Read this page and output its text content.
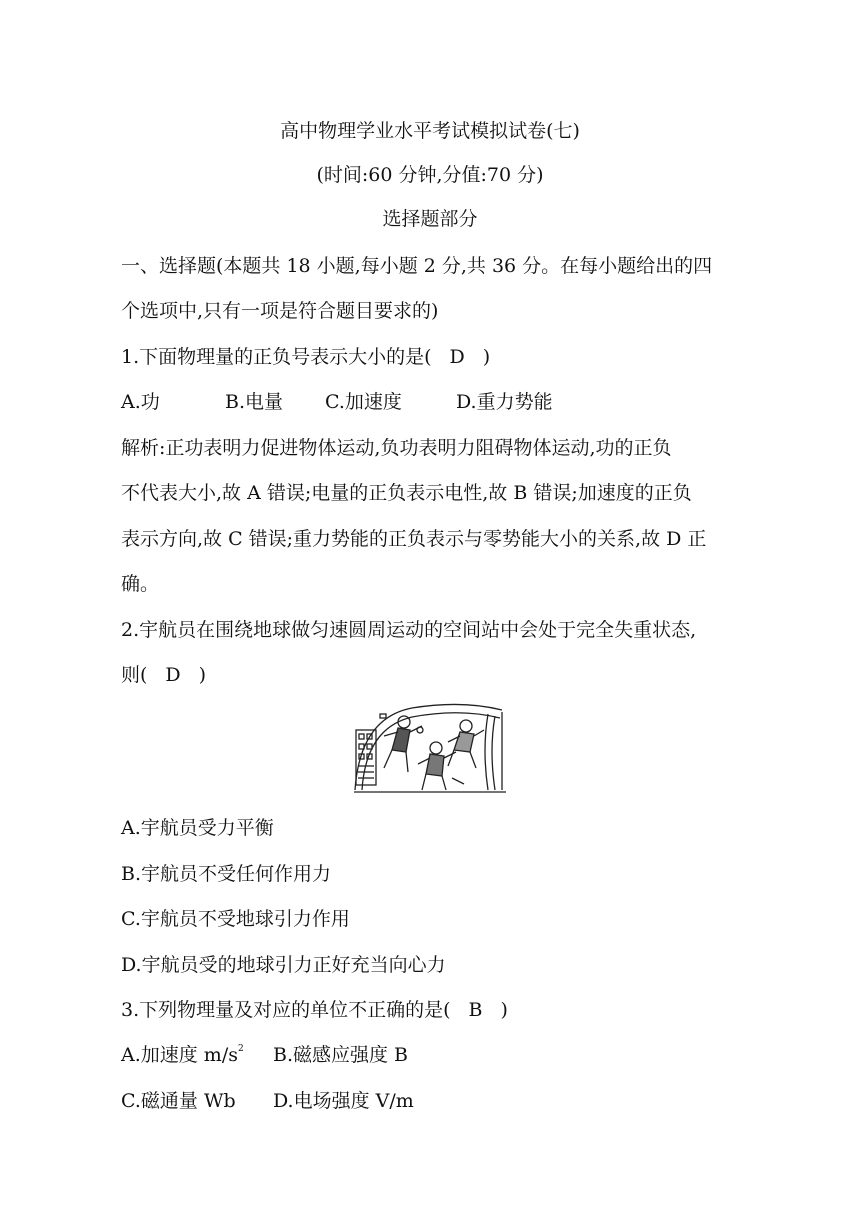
高中物理学业水平考试模拟试卷(七)
(时间:60 分钟,分值:70 分)
选择题部分
一、选择题(本题共 18 小题,每小题 2 分,共 36 分。在每小题给出的四
个选项中,只有一项是符合题目要求的)
1.下面物理量的正负号表示大小的是( D )
A.功	B.电量 C.加速度	D.重力势能
解析:正功表明力促进物体运动,负功表明力阻碍物体运动,功的正负
不代表大小,故 A 错误;电量的正负表示电性,故 B 错误;加速度的正负
表示方向,故 C 错误;重力势能的正负表示与零势能大小的关系,故 D 正
确。
2.宇航员在围绕地球做匀速圆周运动的空间站中会处于完全失重状态,
则( D )
A.宇航员受力平衡
B.宇航员不受任何作用力
C.宇航员不受地球引力作用
D.宇航员受的地球引力正好充当向心力
3.下列物理量及对应的单位不正确的是( B )
A.加速度 $m/s^2$ B.磁感应强度 B
C.磁通量 Wb D.电场强度 V/m
